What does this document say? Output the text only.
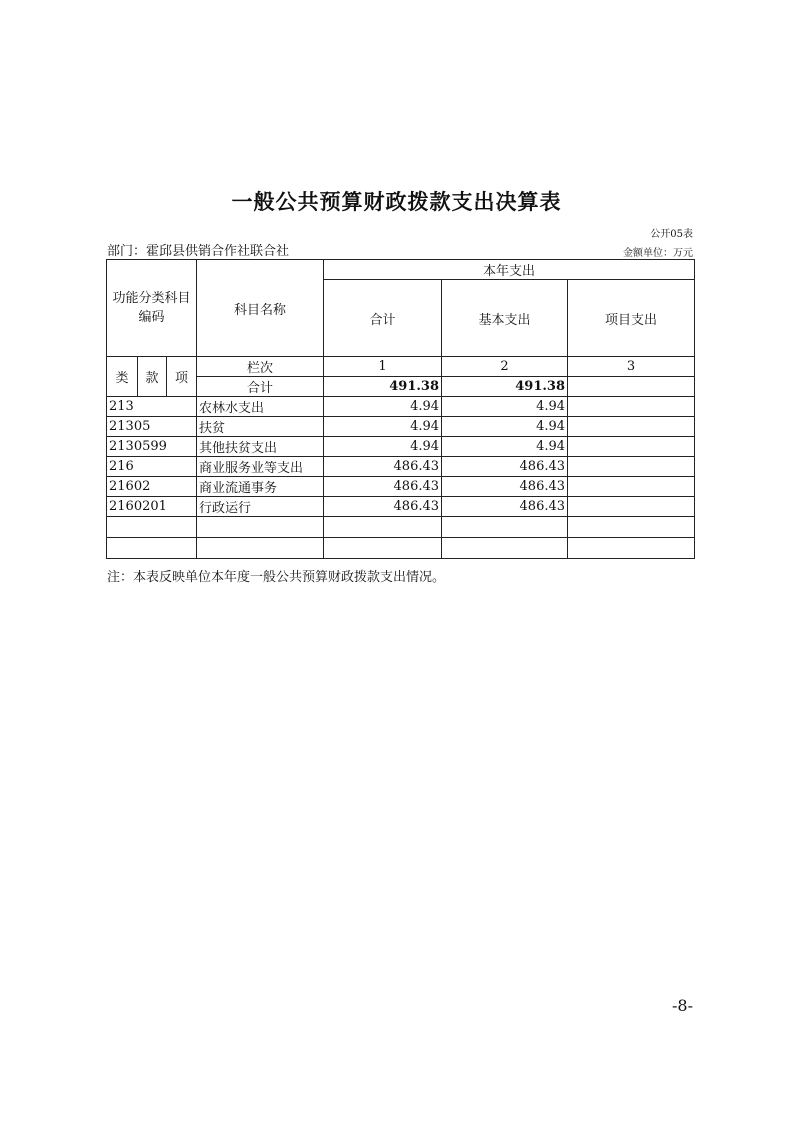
一般公共预算财政拨款支出决算表
公开05表
部门：霍邱县供销合作社联合社	金额单位：万元
功能分类科目编码			科目名称	本年支出		
				合计	基本支出	项目支出
类	款	项	栏次	1	2	3
			合计	491.38	491.38	
213			农林水支出	4.94	4.94	
21305			扶贫	4.94	4.94	
2130599			其他扶贫支出	4.94	4.94	
216			商业服务业等支出	486.43	486.43	
21602			商业流通事务	486.43	486.43	
2160201			行政运行	486.43	486.43	

注：本表反映单位本年度一般公共预算财政拨款支出情况。
-8-
